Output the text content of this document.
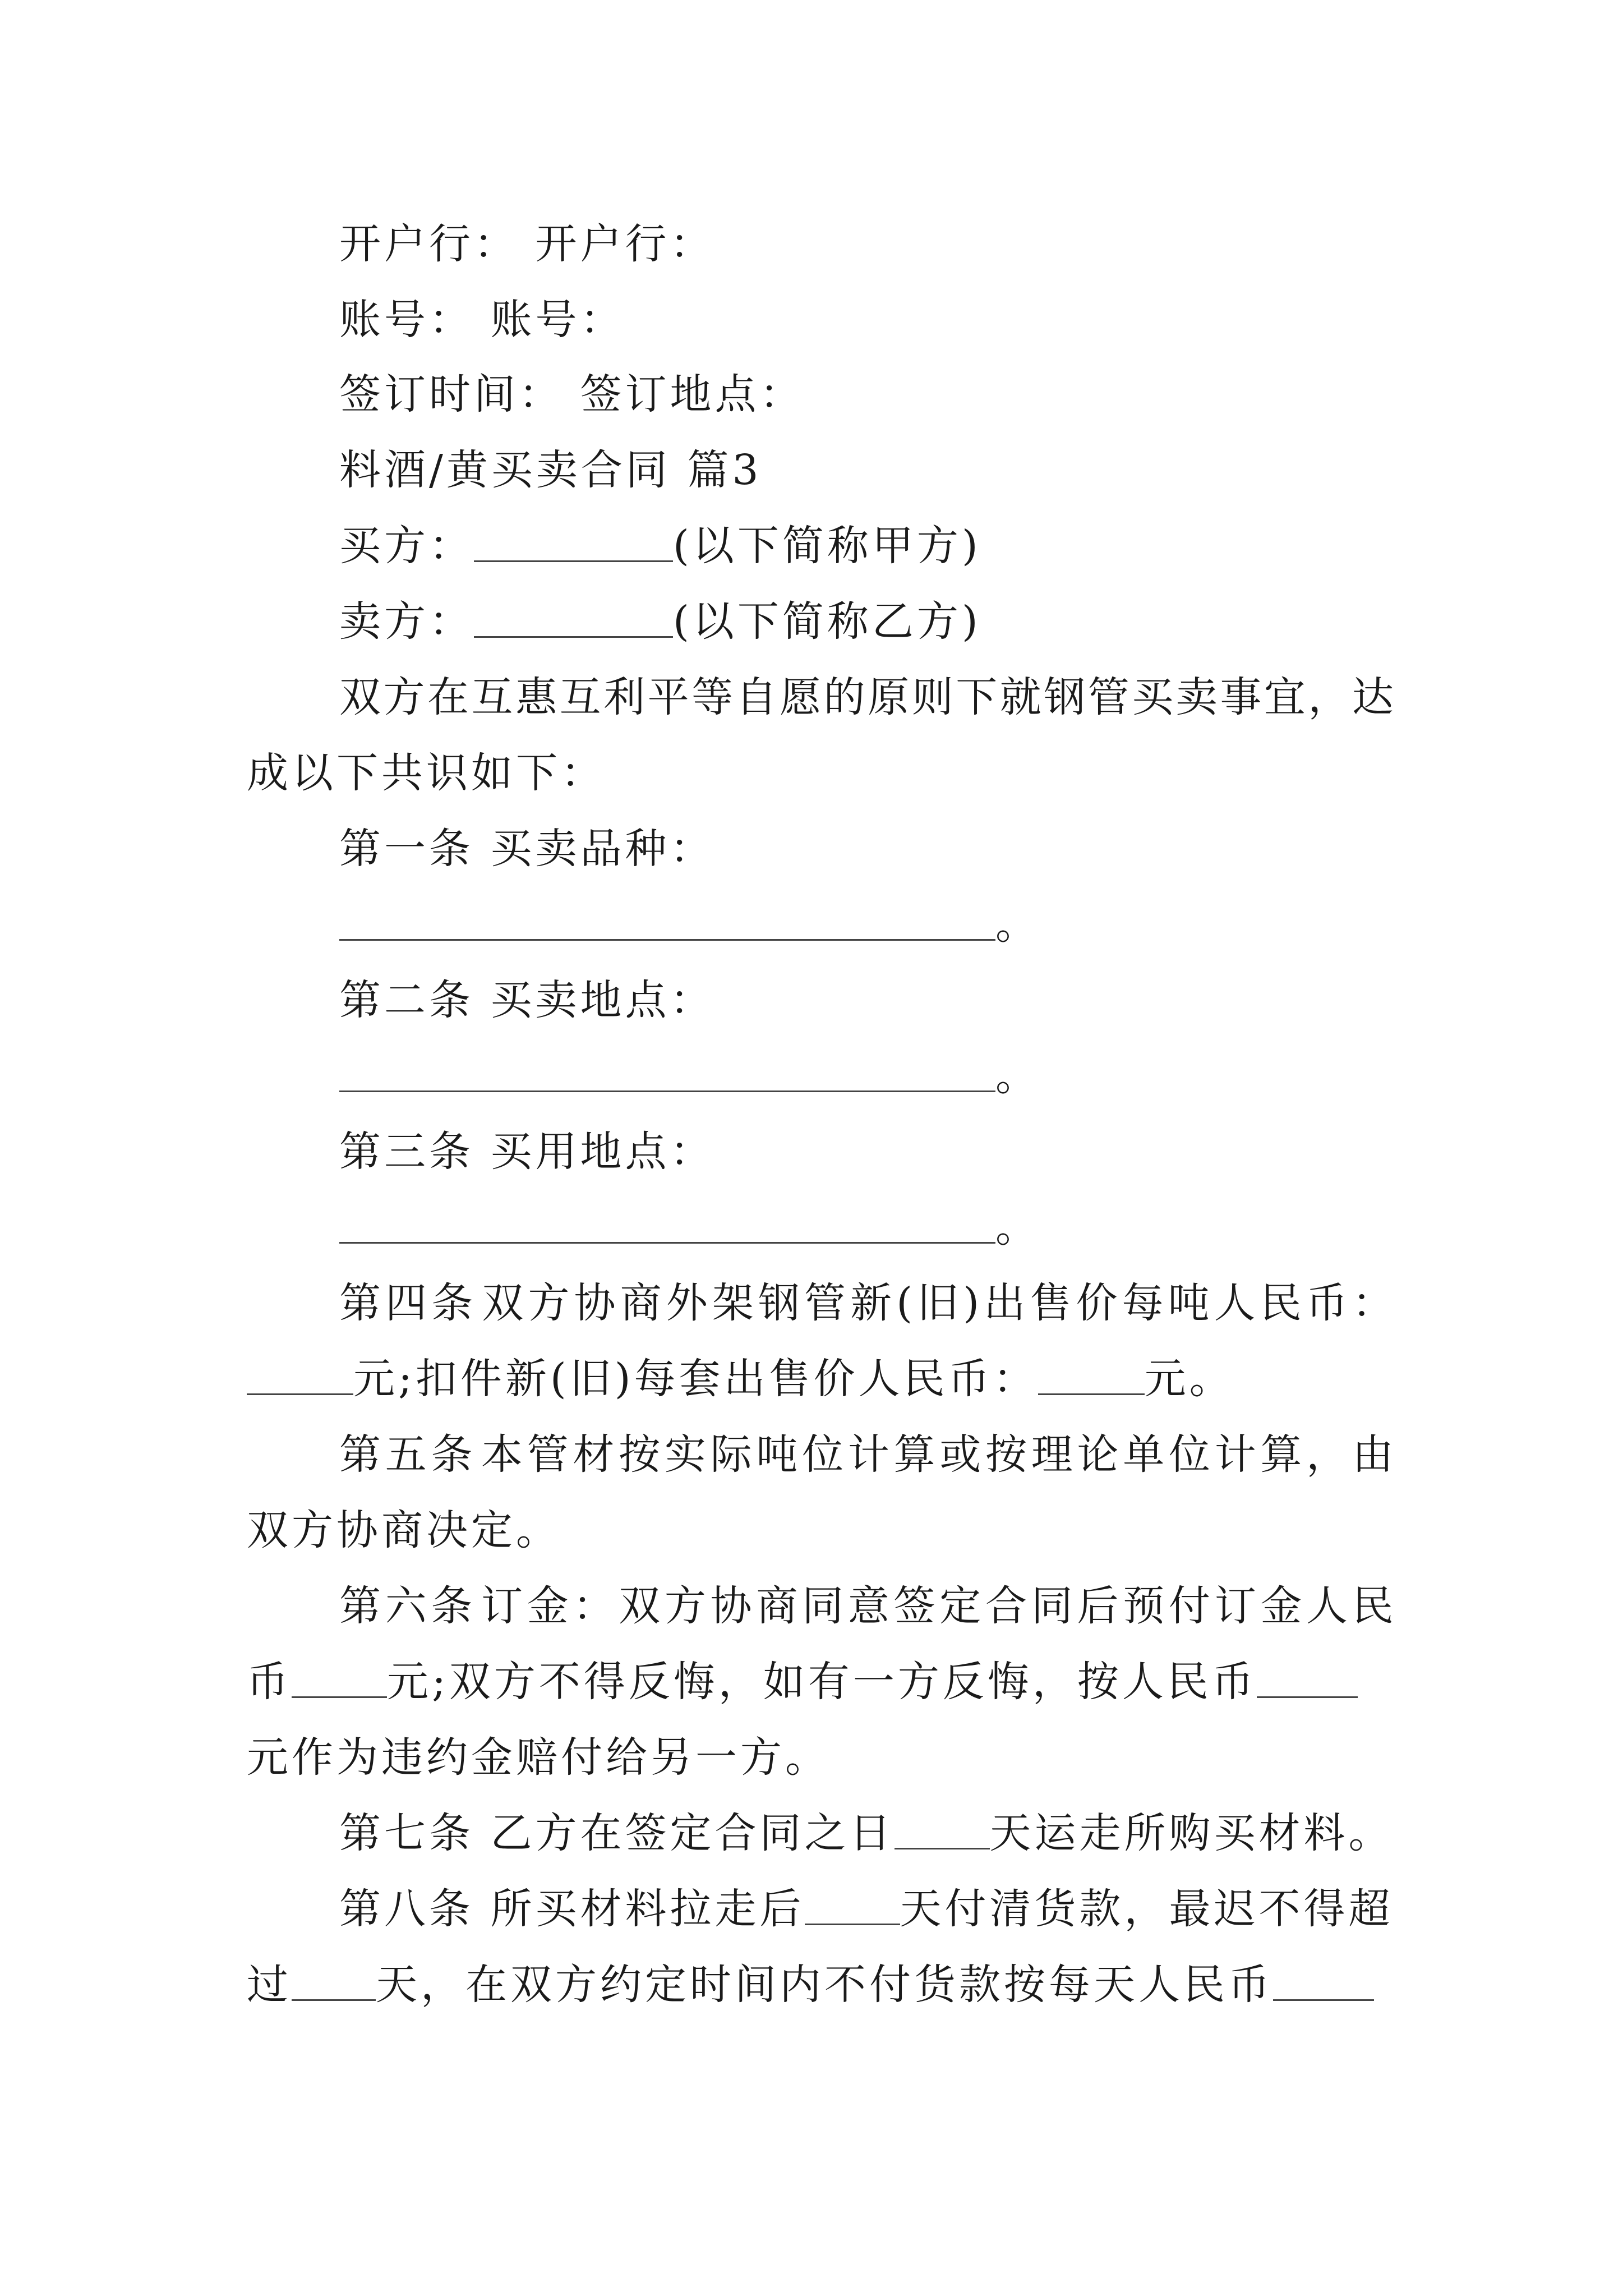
开户行： 开户行：
账号： 账号：
签订时间： 签订地点：
料酒/黄买卖合同 篇3
买方：	(以下简称甲方)
卖方：	(以下简称乙方)
双 方 在 互 惠 互 利 平 等 自 愿 的 原 则 下 就 钢 管 买 卖 事 宜 ， 达
成以下共识如下：
第一条 买卖品种：
。
第二条 买卖地点：
。
第三条 买用地点：
。
第 四 条 双 方 协 商 外 架 钢 管 新 ( 旧 ) 出 售 价 每 吨 人 民 币 ：
元;扣件新(旧)每套出售价人民币：	元。
第 五 条 本 管 材 按 实 际 吨 位 计 算 或 按 理 论 单 位 计 算 ， 由
双方协商决定。
第 六 条 订 金 ： 双 方 协 商 同 意 签 定 合 同 后 预 付 订 金 人 民
币 元;双方不得反悔，如有一方反悔，按人民币
元作为违约金赔付给另一方。
第七条 乙方在签定合同之日 天运走所购买材料。
第八条 所买材料拉走后 天付清货款，最迟不得超
过 天，在双方约定时间内不付货款按每天人民币
